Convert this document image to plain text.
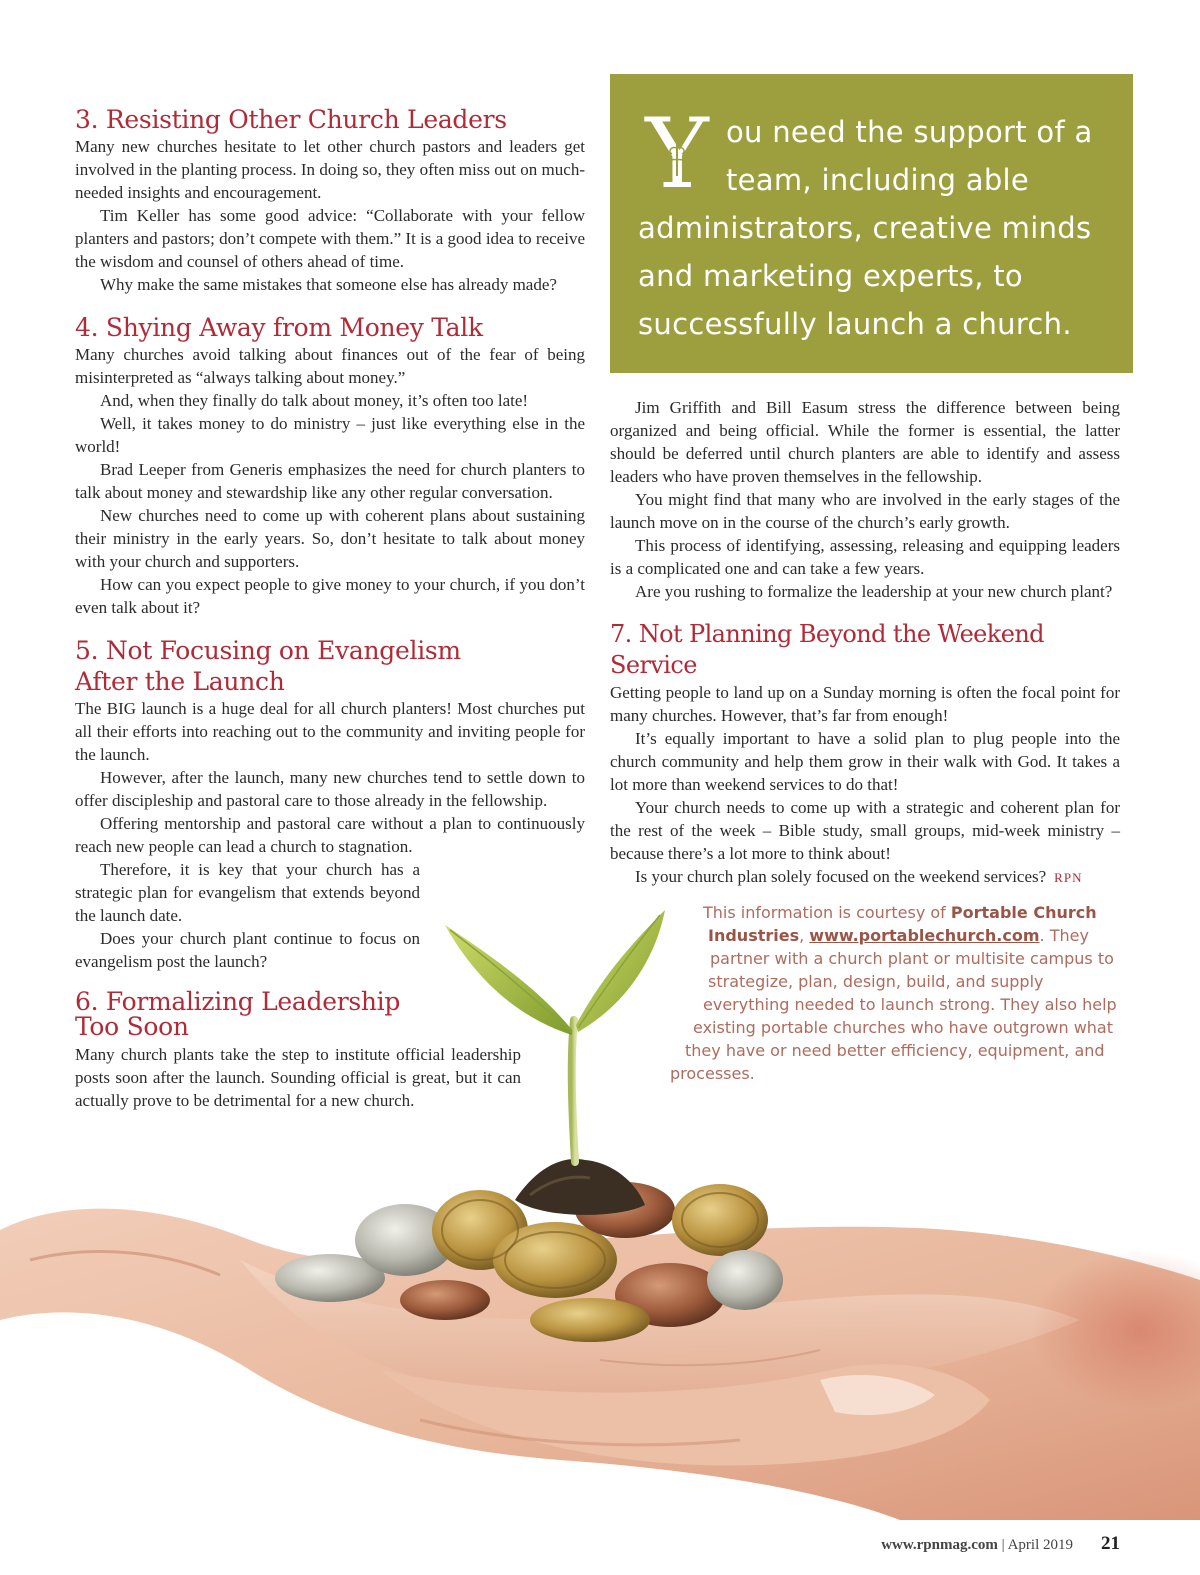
3. Resisting Other Church Leaders

Many new churches hesitate to let other church pastors and leaders get involved in the planting process. In doing so, they often miss out on much-needed insights and encouragement.

Tim Keller has some good advice: “Collaborate with your fellow planters and pastors; don’t compete with them.” It is a good idea to receive the wisdom and counsel of others ahead of time.

Why make the same mistakes that someone else has already made?

4. Shying Away from Money Talk

Many churches avoid talking about finances out of the fear of being misinterpreted as “always talking about money.”

And, when they finally do talk about money, it’s often too late!

Well, it takes money to do ministry – just like everything else in the world!

Brad Leeper from Generis emphasizes the need for church planters to talk about money and stewardship like any other regular conversation.

New churches need to come up with coherent plans about sustaining their ministry in the early years. So, don’t hesitate to talk about money with your church and supporters.

How can you expect people to give money to your church, if you don’t even talk about it?

5. Not Focusing on Evangelism After the Launch

The BIG launch is a huge deal for all church planters! Most churches put all their efforts into reaching out to the community and inviting people for the launch.

However, after the launch, many new churches tend to settle down to offer discipleship and pastoral care to those already in the fellowship.

Offering mentorship and pastoral care without a plan to continuously reach new people can lead a church to stagnation.

Therefore, it is key that your church has a strategic plan for evangelism that extends beyond the launch date.

Does your church plant continue to focus on evangelism post the launch?

6. Formalizing Leadership Too Soon

Many church plants take the step to institute official leadership posts soon after the launch. Sounding official is great, but it can actually prove to be detrimental for a new church.

Y ou need the support of a team, including able administrators, creative minds and marketing experts, to successfully launch a church.

Jim Griffith and Bill Easum stress the difference between being organized and being official. While the former is essential, the latter should be deferred until church planters are able to identify and assess leaders who have proven themselves in the fellowship.

You might find that many who are involved in the early stages of the launch move on in the course of the church’s early growth.

This process of identifying, assessing, releasing and equipping leaders is a complicated one and can take a few years.

Are you rushing to formalize the leadership at your new church plant?

7. Not Planning Beyond the Weekend Service

Getting people to land up on a Sunday morning is often the focal point for many churches. However, that’s far from enough!

It’s equally important to have a solid plan to plug people into the church community and help them grow in their walk with God. It takes a lot more than weekend services to do that!

Your church needs to come up with a strategic and coherent plan for the rest of the week – Bible study, small groups, mid-week ministry – because there’s a lot more to think about!

Is your church plan solely focused on the weekend services? RPN

This information is courtesy of Portable Church
Industries, www.portablechurch.com. They
partner with a church plant or multisite campus to
strategize, plan, design, build, and supply
everything needed to launch strong. They also help
existing portable churches who have outgrown what
they have or need better efficiency, equipment, and
processes.
www.rpnmag.com | April 2019 21
